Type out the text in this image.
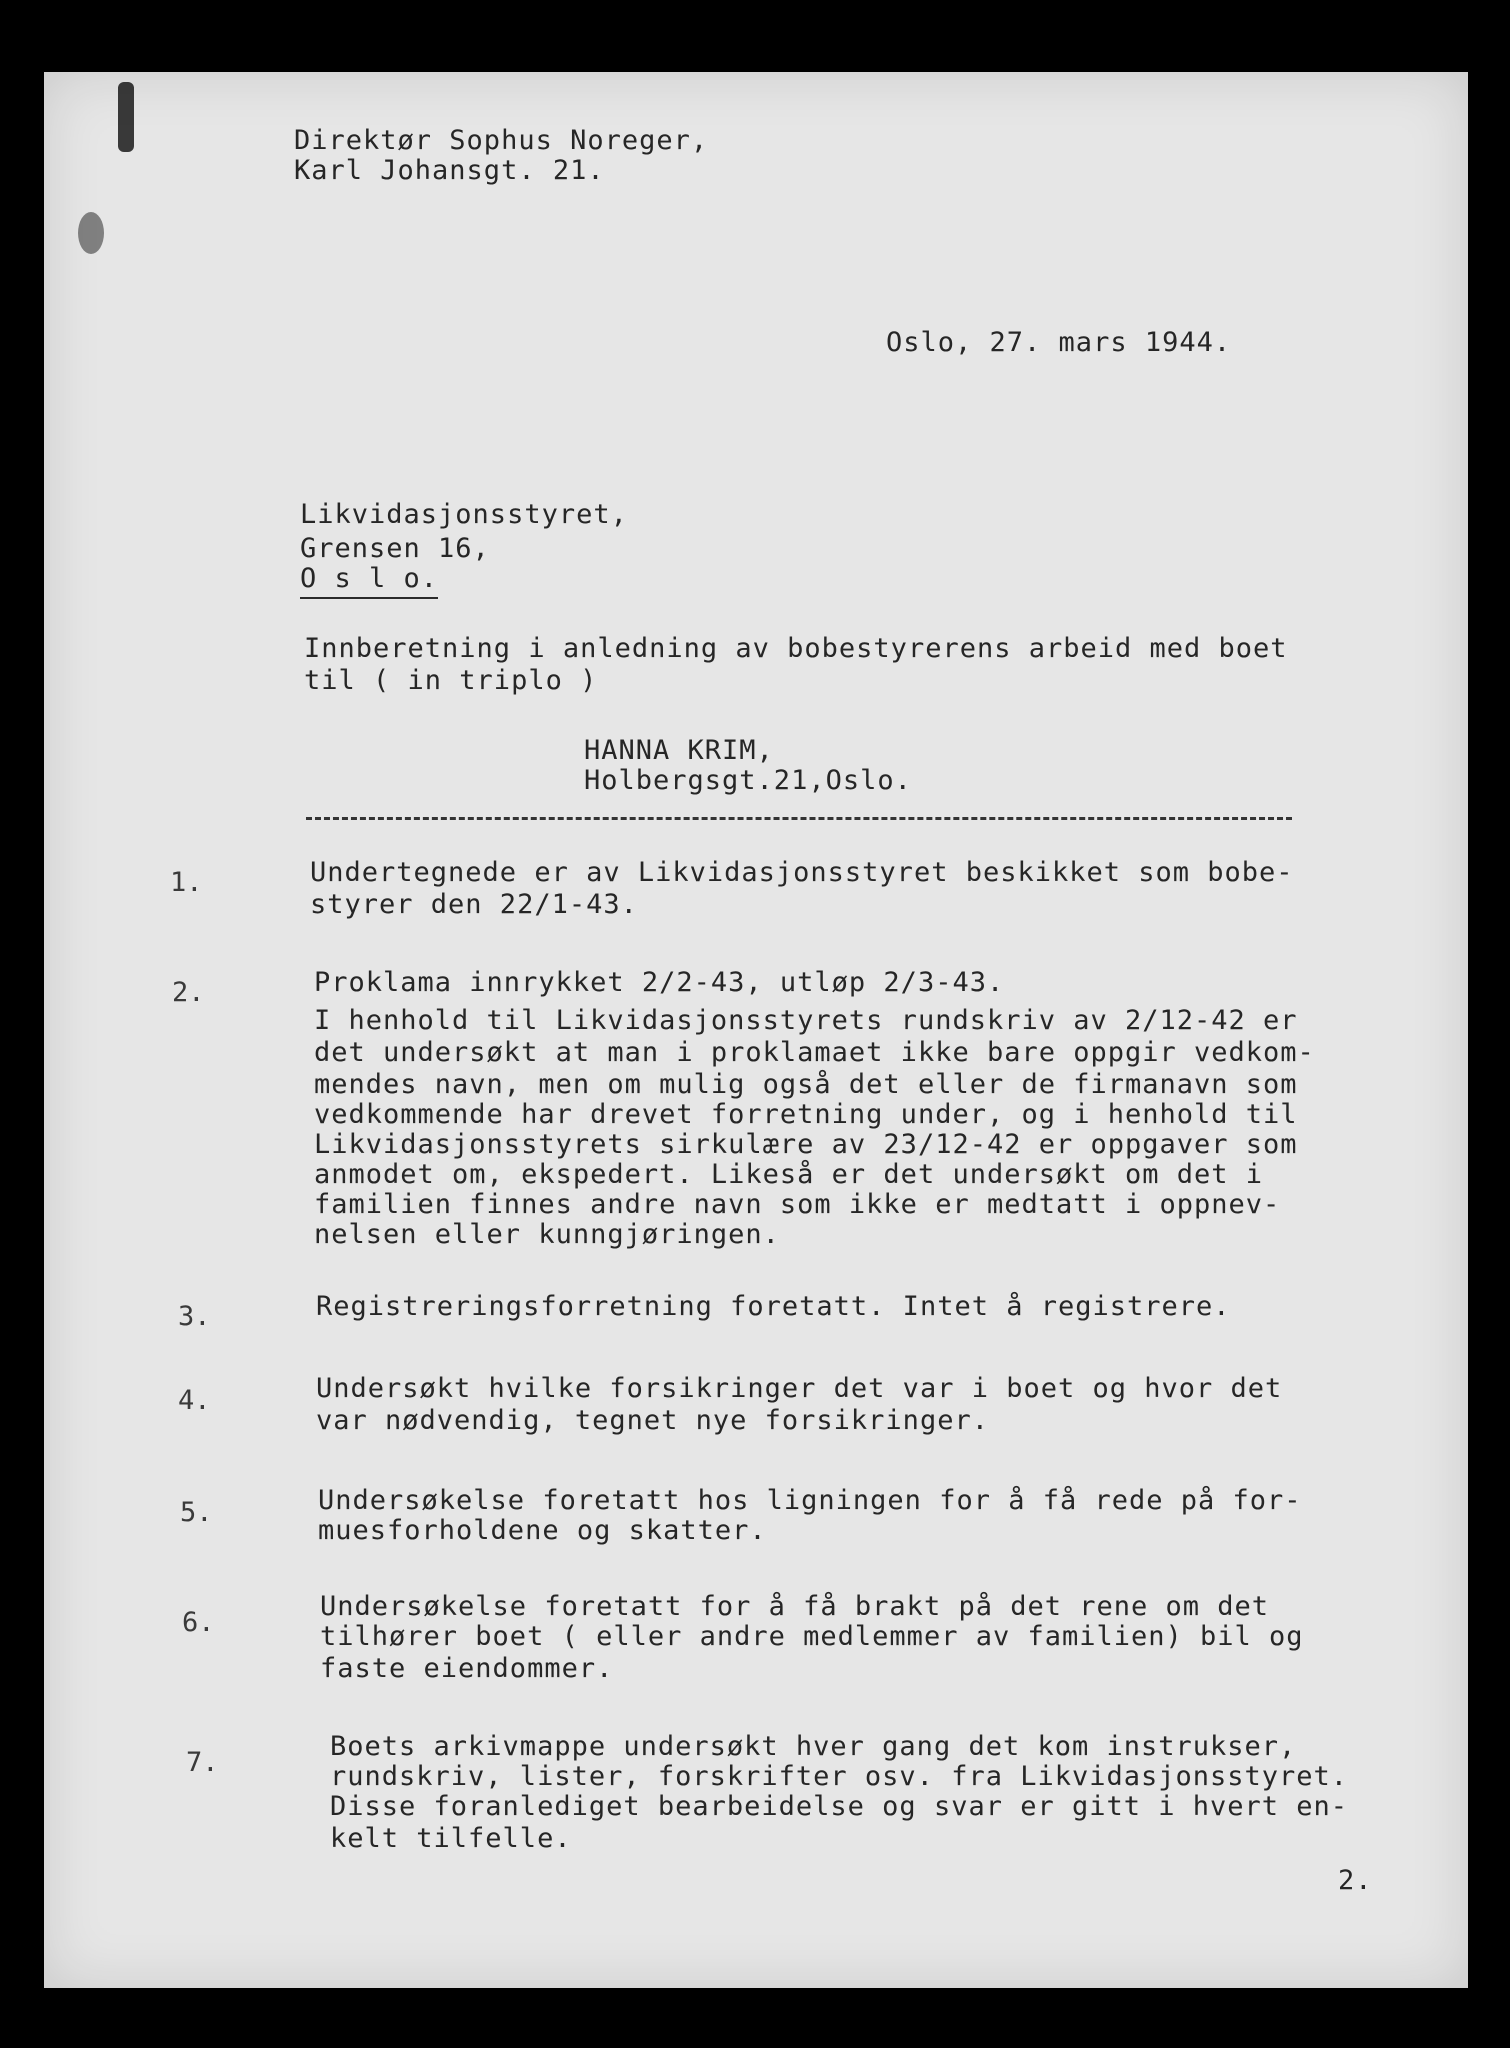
Direktør Sophus Noreger,
Karl Johansgt. 21.
Oslo, 27. mars 1944.
Likvidasjonsstyret,
Grensen 16,
O s l o.
Innberetning i anledning av bobestyrerens arbeid med boet
til ( in triplo )
HANNA KRIM,
Holbergsgt.21,Oslo.
1.	Undertegnede er av Likvidasjonsstyret beskikket som bobe-
styrer den 22/1-43.
2.	Proklama innrykket 2/2-43, utløp 2/3-43.
I henhold til Likvidasjonsstyrets rundskriv av 2/12-42 er
det undersøkt at man i proklamaet ikke bare oppgir vedkom-
mendes navn, men om mulig også det eller de firmanavn som
vedkommende har drevet forretning under, og i henhold til
Likvidasjonsstyrets sirkulære av 23/12-42 er oppgaver som
anmodet om, ekspedert. Likeså er det undersøkt om det i
familien finnes andre navn som ikke er medtatt i oppnev-
nelsen eller kunngjøringen.
3.	Registreringsforretning foretatt. Intet å registrere.
4.	Undersøkt hvilke forsikringer det var i boet og hvor det
var nødvendig, tegnet nye forsikringer.
5.	Undersøkelse foretatt hos ligningen for å få rede på for-
muesforholdene og skatter.
6.
Undersøkelse foretatt for å få brakt på det rene om det
tilhører boet ( eller andre medlemmer av familien) bil og
faste eiendommer.
7.
Boets arkivmappe undersøkt hver gang det kom instrukser,
rundskriv, lister, forskrifter osv. fra Likvidasjonsstyret.
Disse foranlediget bearbeidelse og svar er gitt i hvert en-
kelt tilfelle.
2.
